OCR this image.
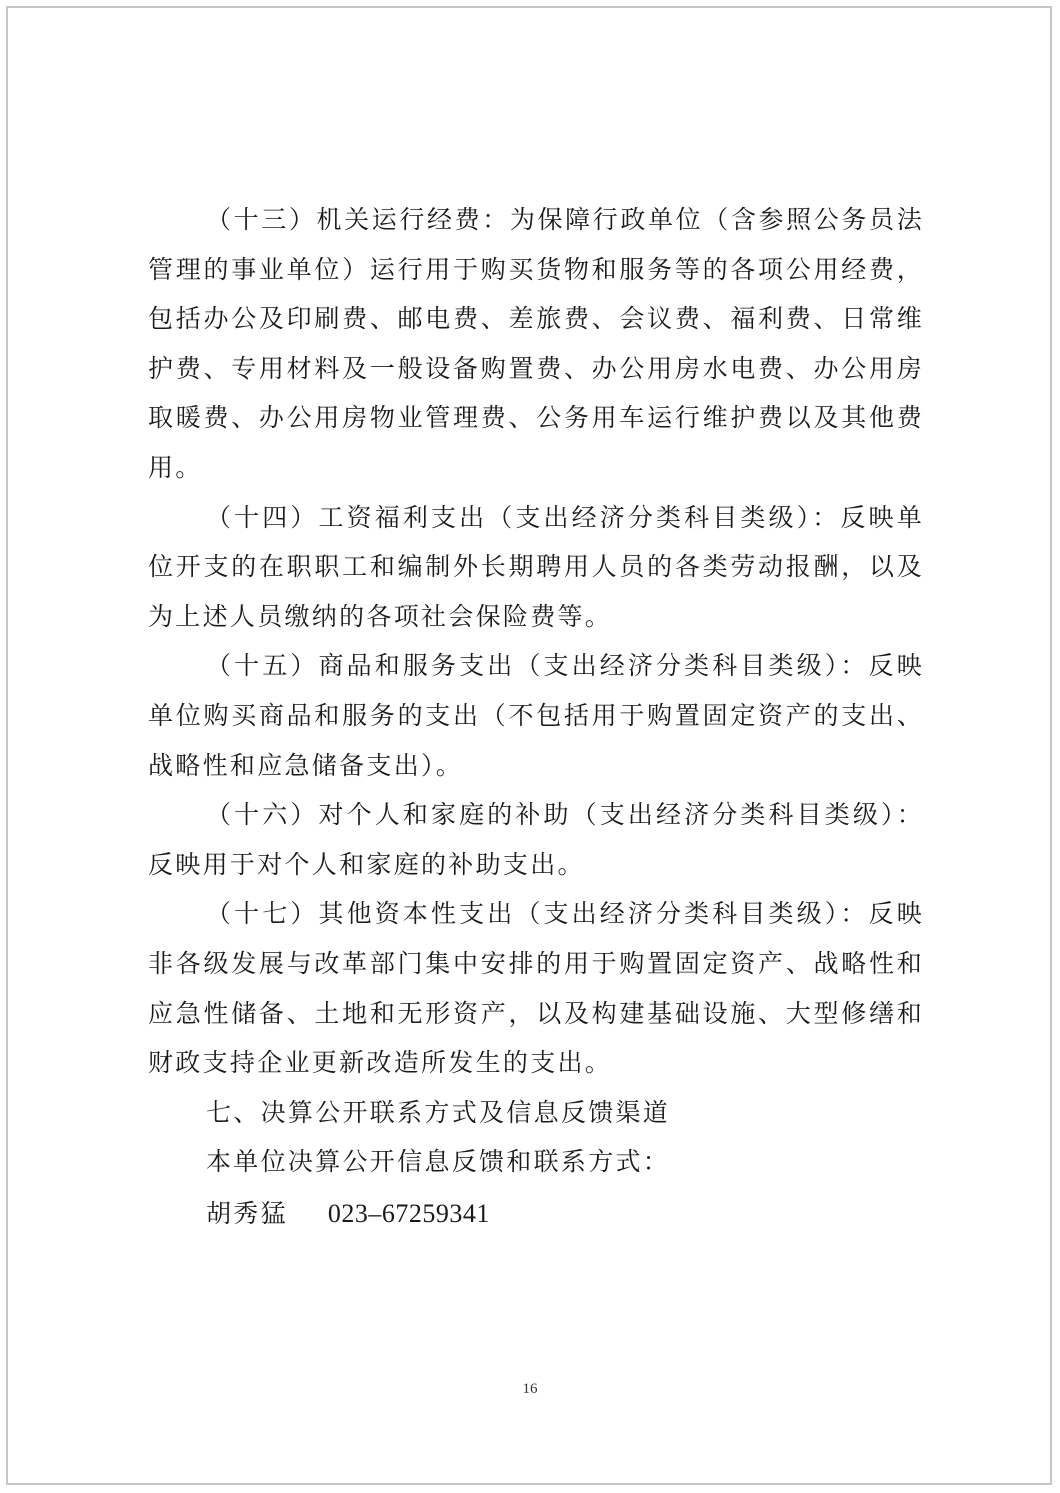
（十三）机关运行经费：为保障行政单位（含参照公务员法管理的事业单位）运行用于购买货物和服务等的各项公用经费，包括办公及印刷费、邮电费、差旅费、会议费、福利费、日常维护费、专用材料及一般设备购置费、办公用房水电费、办公用房取暖费、办公用房物业管理费、公务用车运行维护费以及其他费用。

（十四）工资福利支出（支出经济分类科目类级）：反映单位开支的在职职工和编制外长期聘用人员的各类劳动报酬，以及为上述人员缴纳的各项社会保险费等。

（十五）商品和服务支出（支出经济分类科目类级）：反映单位购买商品和服务的支出（不包括用于购置固定资产的支出、战略性和应急储备支出）。

（十六）对个人和家庭的补助（支出经济分类科目类级）：反映用于对个人和家庭的补助支出。

（十七）其他资本性支出（支出经济分类科目类级）：反映非各级发展与改革部门集中安排的用于购置固定资产、战略性和应急性储备、土地和无形资产，以及构建基础设施、大型修缮和财政支持企业更新改造所发生的支出。

七、决算公开联系方式及信息反馈渠道

本单位决算公开信息反馈和联系方式：

胡秀猛 023–67259341

16
